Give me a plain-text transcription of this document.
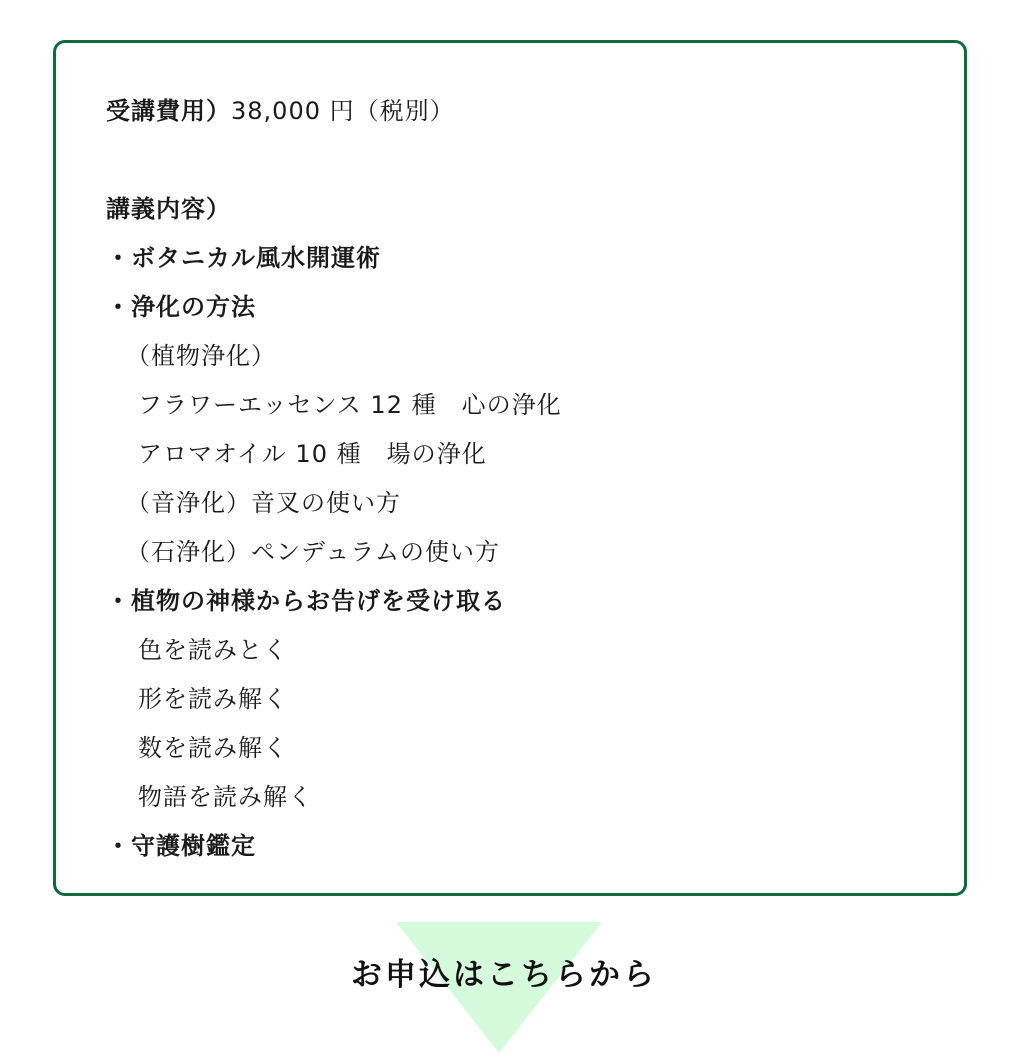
受講費用）38,000 円（税別）
講義内容）
・ボタニカル風水開運術
・浄化の方法
（植物浄化）
フラワーエッセンス 12 種　心の浄化
アロマオイル 10 種　場の浄化
（音浄化）音叉の使い方
（石浄化）ペンデュラムの使い方
・植物の神様からお告げを受け取る
色を読みとく
形を読み解く
数を読み解く
物語を読み解く
・守護樹鑑定
お申込はこちらから
